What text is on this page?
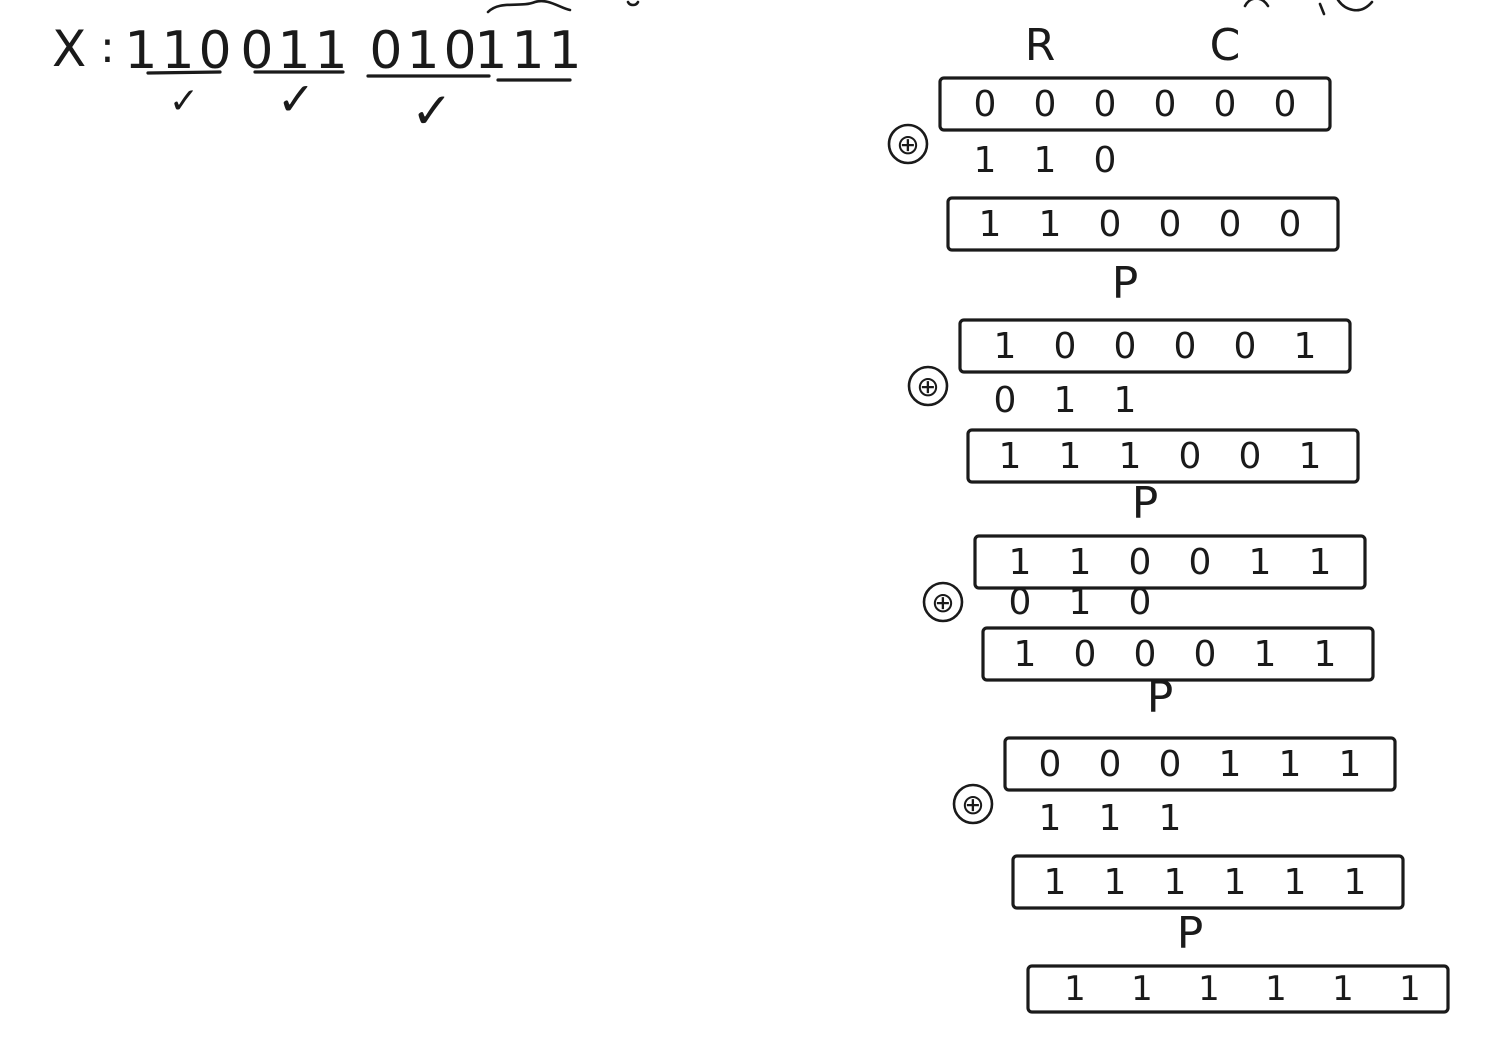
X : 110
✓
011
✓
010
✓
111	R	C
0 0 0 0 0 0
⊕ 1 1 0
1 1 0 0 0 0
P
1 0 0 0 0 1
⊕ 0 1 1
1 1 1 0 0 1
P
1 1 0 0 1 1
⊕ 0 1 0
1 0 0 0 1 1
P
0 0 0 1 1 1
⊕ 1 1 1
1 1 1 1 1 1
P
1 1 1 1 1 1
